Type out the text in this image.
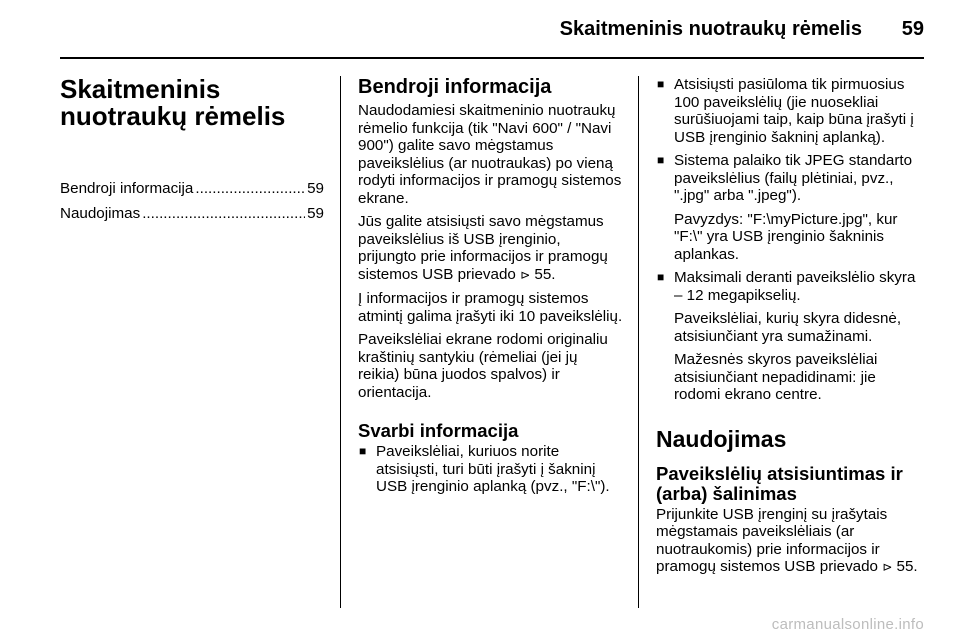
Skaitmeninis nuotraukų rėmelis 59
Skaitmeninis
nuotraukų rėmelis
Bendroji informacija .....	59
Naudojimas .....	59
Bendroji informacija

Naudodamiesi skaitmeninio nuotraukų rėmelio funkcija (tik "Navi 600" / "Navi 900") galite savo mėgstamus paveikslėlius (ar nuotraukas) po vieną rodyti informacijos ir pramogų sistemos ekrane.

Jūs galite atsisiųsti savo mėgstamus paveikslėlius iš USB įrenginio, prijungto prie informacijos ir pramogų sistemos USB prievado ⊳ 55.

Į informacijos ir pramogų sistemos atmintį galima įrašyti iki 10 paveikslėlių.

Paveikslėliai ekrane rodomi originaliu kraštinių santykiu (rėmeliai (jei jų reikia) būna juodos spalvos) ir orientacija.

Svarbi informacija
■ Paveikslėliai, kuriuos norite atsisiųsti, turi būti įrašyti į šakninį USB įrenginio aplanką (pvz., "F:\").
■ Atsisiųsti pasiūloma tik pirmuosius 100 paveikslėlių (jie nuosekliai surūšiuojami taip, kaip būna įrašyti į USB įrenginio šakninį aplanką).
■ Sistema palaiko tik JPEG standarto paveikslėlius (failų plėtiniai, pvz., ".jpg" arba ".jpeg").
Pavyzdys: "F:\myPicture.jpg", kur "F:\" yra USB įrenginio šakninis aplankas.
■ Maksimali deranti paveikslėlio skyra – 12 megapikselių.
Paveikslėliai, kurių skyra didesnė, atsisiunčiant yra sumažinami.
Mažesnės skyros paveikslėliai atsisiunčiant nepadidinami: jie rodomi ekrano centre.
Naudojimas
Paveikslėlių atsisiuntimas ir (arba) šalinimas

Prijunkite USB įrenginį su įrašytais mėgstamais paveikslėliais (ar nuotraukomis) prie informacijos ir pramogų sistemos USB prievado ⊳ 55.

carmanualsonline.info
